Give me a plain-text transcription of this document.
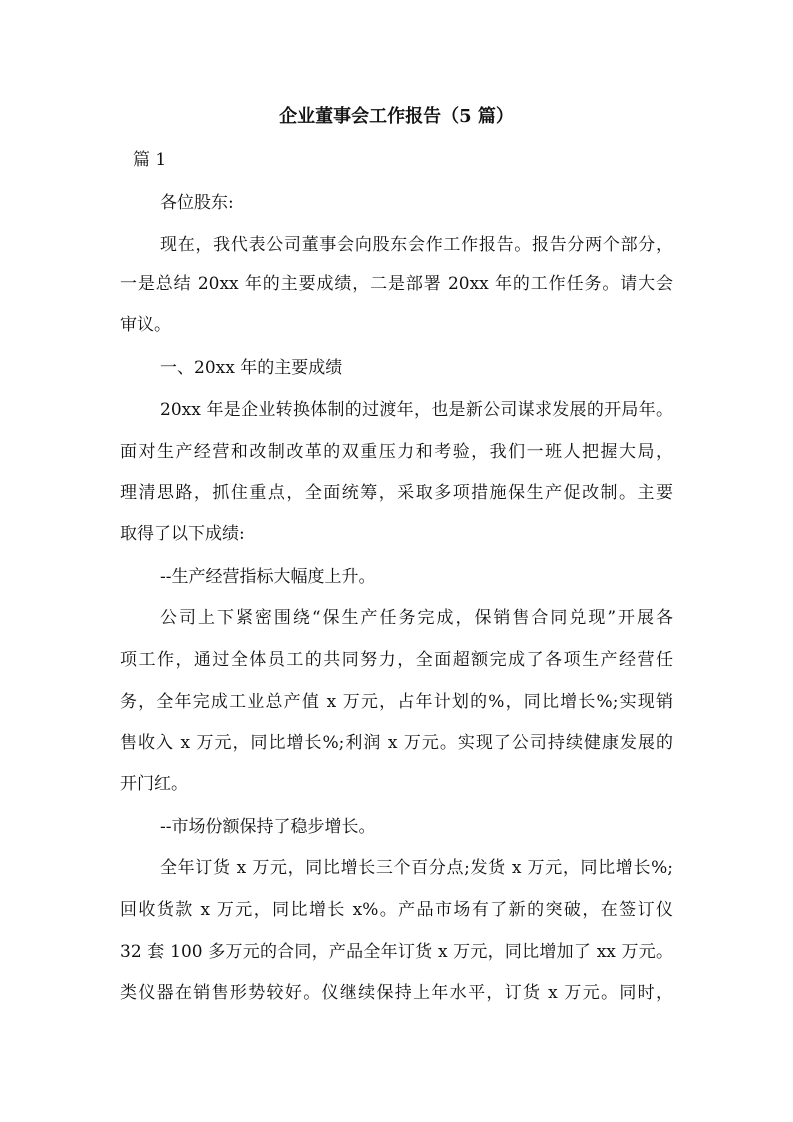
企业董事会工作报告（5 篇）

篇 1

各位股东:

现在，我代表公司董事会向股东会作工作报告。报告分两个部分，

一是总结 20xx 年的主要成绩，二是部署 20xx 年的工作任务。请大会

审议。

一、20xx 年的主要成绩

20xx 年是企业转换体制的过渡年，也是新公司谋求发展的开局年。

面对生产经营和改制改革的双重压力和考验，我们一班人把握大局，

理清思路，抓住重点，全面统筹，采取多项措施保生产促改制。主要

取得了以下成绩:

--生产经营指标大幅度上升。

公司上下紧密围绕“保生产任务完成，保销售合同兑现”开展各

项工作，通过全体员工的共同努力，全面超额完成了各项生产经营任

务，全年完成工业总产值 x 万元，占年计划的%，同比增长%;实现销

售收入 x 万元，同比增长%;利润 x 万元。实现了公司持续健康发展的

开门红。

--市场份额保持了稳步增长。

全年订货 x 万元，同比增长三个百分点;发货 x 万元，同比增长%;

回收货款 x 万元，同比增长 x%。产品市场有了新的突破，在签订仪

32 套 100 多万元的合同，产品全年订货 x 万元，同比增加了 xx 万元。

类仪器在销售形势较好。仪继续保持上年水平，订货 x 万元。同时，
